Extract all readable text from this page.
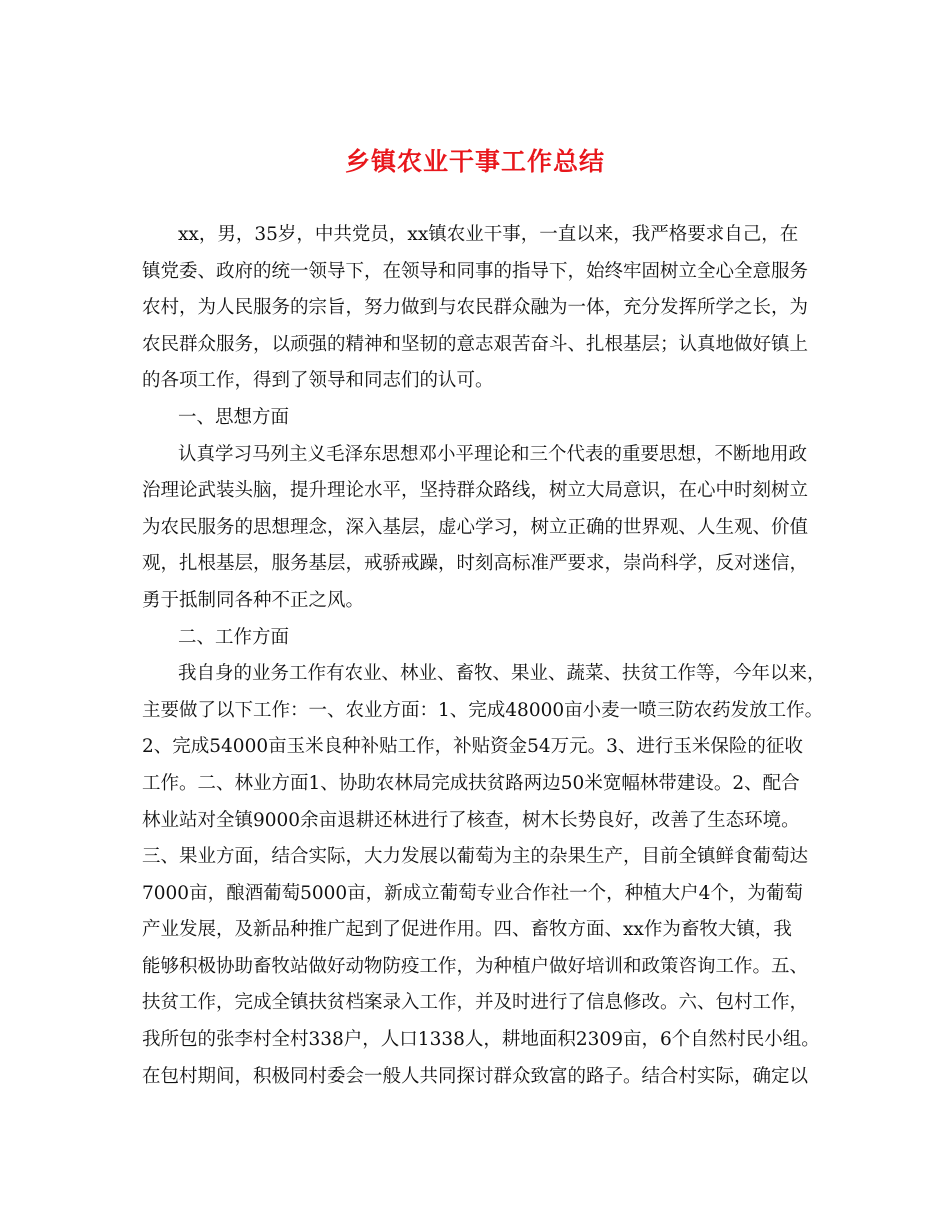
乡镇农业干事工作总结
xx，男，35岁，中共党员，xx镇农业干事，一直以来，我严格要求自己，在
镇党委、政府的统一领导下，在领导和同事的指导下，始终牢固树立全心全意服务
农村，为人民服务的宗旨，努力做到与农民群众融为一体，充分发挥所学之长，为
农民群众服务，以顽强的精神和坚韧的意志艰苦奋斗、扎根基层；认真地做好镇上
的各项工作，得到了领导和同志们的认可。
一、思想方面
认真学习马列主义毛泽东思想邓小平理论和三个代表的重要思想，不断地用政
治理论武装头脑，提升理论水平，坚持群众路线，树立大局意识，在心中时刻树立
为农民服务的思想理念，深入基层，虚心学习，树立正确的世界观、人生观、价值
观，扎根基层，服务基层，戒骄戒躁，时刻高标准严要求，崇尚科学，反对迷信，
勇于抵制同各种不正之风。
二、工作方面
我自身的业务工作有农业、林业、畜牧、果业、蔬菜、扶贫工作等，今年以来，
主要做了以下工作：一、农业方面：1、完成48000亩小麦一喷三防农药发放工作。
2、完成54000亩玉米良种补贴工作，补贴资金54万元。3、进行玉米保险的征收
工作。二、林业方面1、协助农林局完成扶贫路两边50米宽幅林带建设。2、配合
林业站对全镇9000余亩退耕还林进行了核查，树木长势良好，改善了生态环境。
三、果业方面，结合实际，大力发展以葡萄为主的杂果生产，目前全镇鲜食葡萄达
7000亩，酿酒葡萄5000亩，新成立葡萄专业合作社一个，种植大户4个，为葡萄
产业发展，及新品种推广起到了促进作用。四、畜牧方面、xx作为畜牧大镇，我
能够积极协助畜牧站做好动物防疫工作，为种植户做好培训和政策咨询工作。五、
扶贫工作，完成全镇扶贫档案录入工作，并及时进行了信息修改。六、包村工作，
我所包的张李村全村338户，人口1338人，耕地面积2309亩，6个自然村民小组。
在包村期间，积极同村委会一般人共同探讨群众致富的路子。结合村实际，确定以
